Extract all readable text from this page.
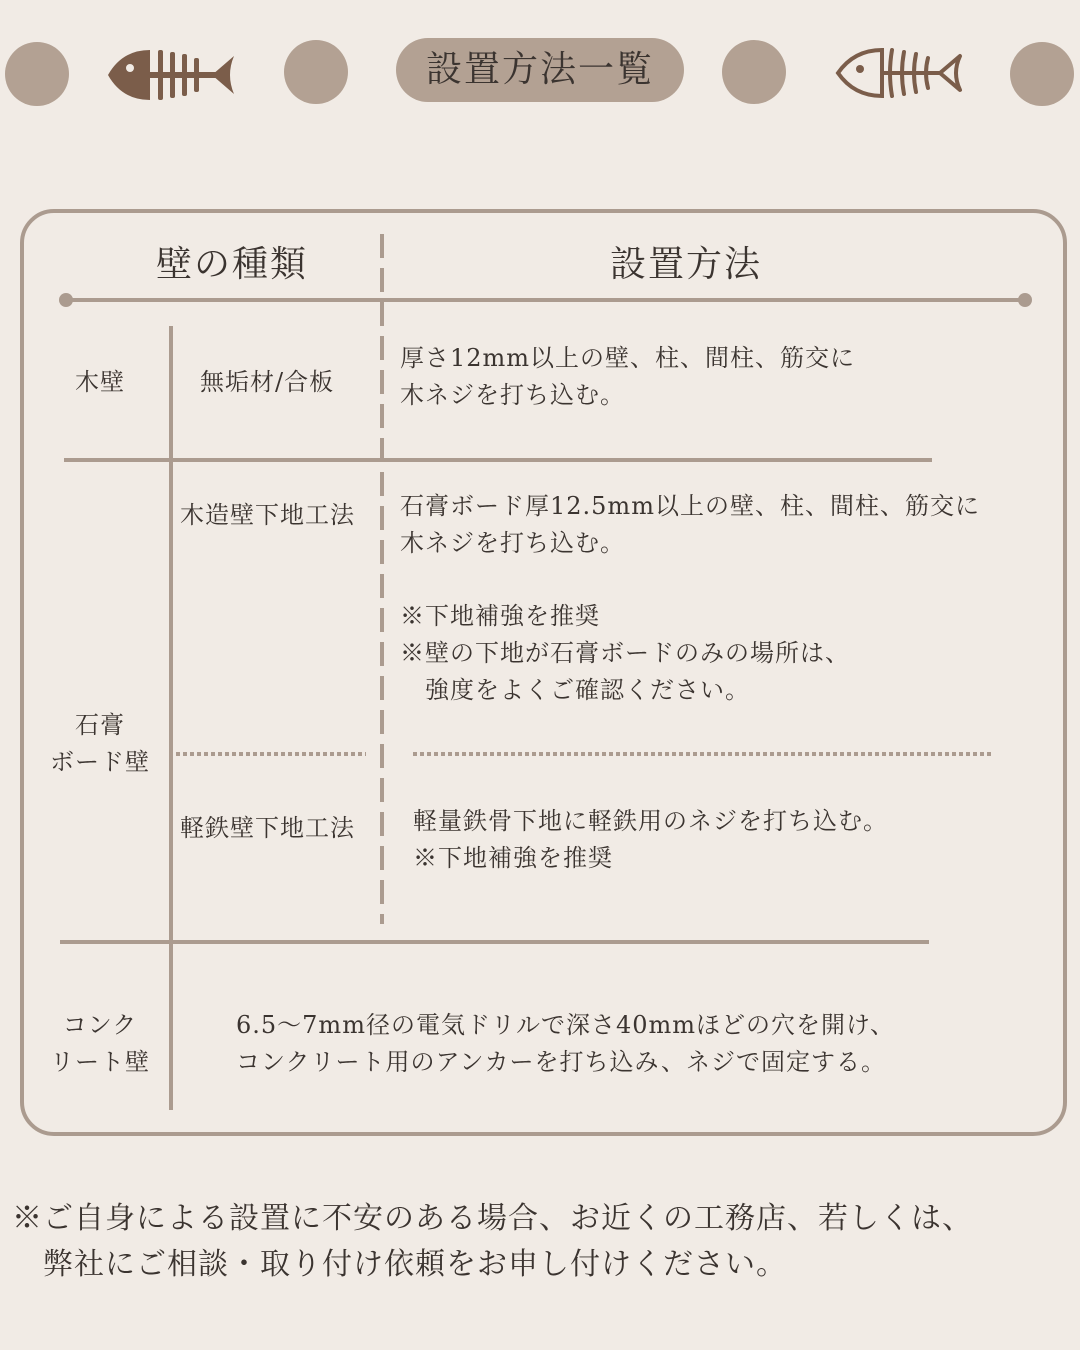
設置方法一覧
壁の種類	設置方法
木壁	無垢材/合板
厚さ12mm以上の壁、柱、間柱、筋交に
木ネジを打ち込む。
木造壁下地工法 石膏ボード厚12.5mm以上の壁、柱、間柱、筋交に
木ネジを打ち込む。
※下地補強を推奨
※壁の下地が石膏ボードのみの場所は、
　強度をよくご確認ください。
石膏
ボード壁
軽鉄壁下地工法 軽量鉄骨下地に軽鉄用のネジを打ち込む。
※下地補強を推奨
コンク
リート壁
6.5～7mm径の電気ドリルで深さ40mmほどの穴を開け、
コンクリート用のアンカーを打ち込み、ネジで固定する。
※ご自身による設置に不安のある場合、お近くの工務店、若しくは、
　弊社にご相談・取り付け依頼をお申し付けください。
